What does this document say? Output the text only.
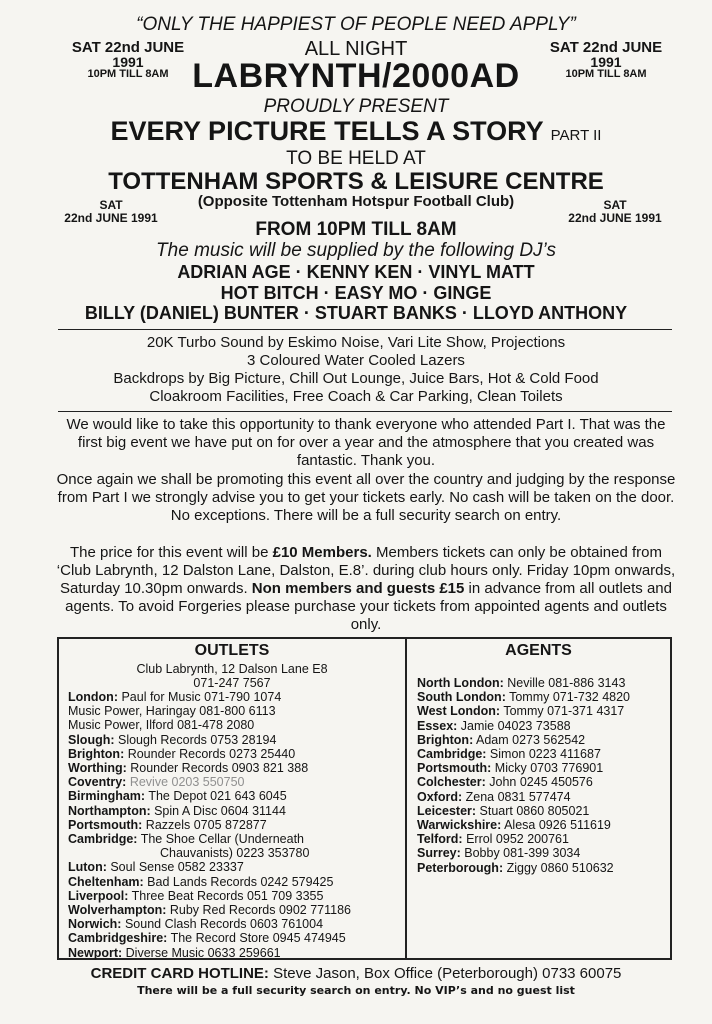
“ONLY THE HAPPIEST OF PEOPLE NEED APPLY”
SAT 22nd JUNE
1991
10PM TILL 8AM
SAT 22nd JUNE
1991
10PM TILL 8AM
ALL NIGHT
LABRYNTH/2000AD
PROUDLY PRESENT
EVERY PICTURE TELLS A STORY PART II
TO BE HELD AT
TOTTENHAM SPORTS & LEISURE CENTRE
(Opposite Tottenham Hotspur Football Club)
SAT
22nd JUNE 1991
SAT
22nd JUNE 1991
FROM 10PM TILL 8AM
The music will be supplied by the following DJ’s
ADRIAN AGE · KENNY KEN · VINYL MATT
HOT BITCH · EASY MO · GINGE
BILLY (DANIEL) BUNTER · STUART BANKS · LLOYD ANTHONY
20K Turbo Sound by Eskimo Noise, Vari Lite Show, Projections
3 Coloured Water Cooled Lazers
Backdrops by Big Picture, Chill Out Lounge, Juice Bars, Hot & Cold Food
Cloakroom Facilities, Free Coach & Car Parking, Clean Toilets
We would like to take this opportunity to thank everyone who attended Part I. That was the first big event we have put on for over a year and the atmosphere that you created was fantastic. Thank you.
Once again we shall be promoting this event all over the country and judging by the response from Part I we strongly advise you to get your tickets early. No cash will be taken on the door. No exceptions. There will be a full security search on entry.
The price for this event will be £10 Members. Members tickets can only be obtained from ‘Club Labrynth, 12 Dalston Lane, Dalston, E.8’. during club hours only. Friday 10pm onwards, Saturday 10.30pm onwards. Non members and guests £15 in advance from all outlets and agents. To avoid Forgeries please purchase your tickets from appointed agents and outlets only.
OUTLETS
Club Labrynth, 12 Dalson Lane E8
071-247 7567
London: Paul for Music 071-790 1074
Music Power, Haringay 081-800 6113
Music Power, Ilford 081-478 2080
Slough: Slough Records 0753 28194
Brighton: Rounder Records 0273 25440
Worthing: Rounder Records 0903 821 388
Coventry: Revive 0203 550750
Birmingham: The Depot 021 643 6045
Northampton: Spin A Disc 0604 31144
Portsmouth: Razzels 0705 872877
Cambridge: The Shoe Cellar (Underneath
Chauvanists) 0223 353780
Luton: Soul Sense 0582 23337
Cheltenham: Bad Lands Records 0242 579425
Liverpool: Three Beat Records 051 709 3355
Wolverhampton: Ruby Red Records 0902 771186
Norwich: Sound Clash Records 0603 761004
Cambridgeshire: The Record Store 0945 474945
Newport: Diverse Music 0633 259661
AGENTS
North London: Neville 081-886 3143
South London: Tommy 071-732 4820
West London: Tommy 071-371 4317
Essex: Jamie 04023 73588
Brighton: Adam 0273 562542
Cambridge: Simon 0223 411687
Portsmouth: Micky 0703 776901
Colchester: John 0245 450576
Oxford: Zena 0831 577474
Leicester: Stuart 0860 805021
Warwickshire: Alesa 0926 511619
Telford: Errol 0952 200761
Surrey: Bobby 081-399 3034
Peterborough: Ziggy 0860 510632
CREDIT CARD HOTLINE: Steve Jason, Box Office (Peterborough) 0733 60075
There will be a full security search on entry. No VIP’s and no guest list
